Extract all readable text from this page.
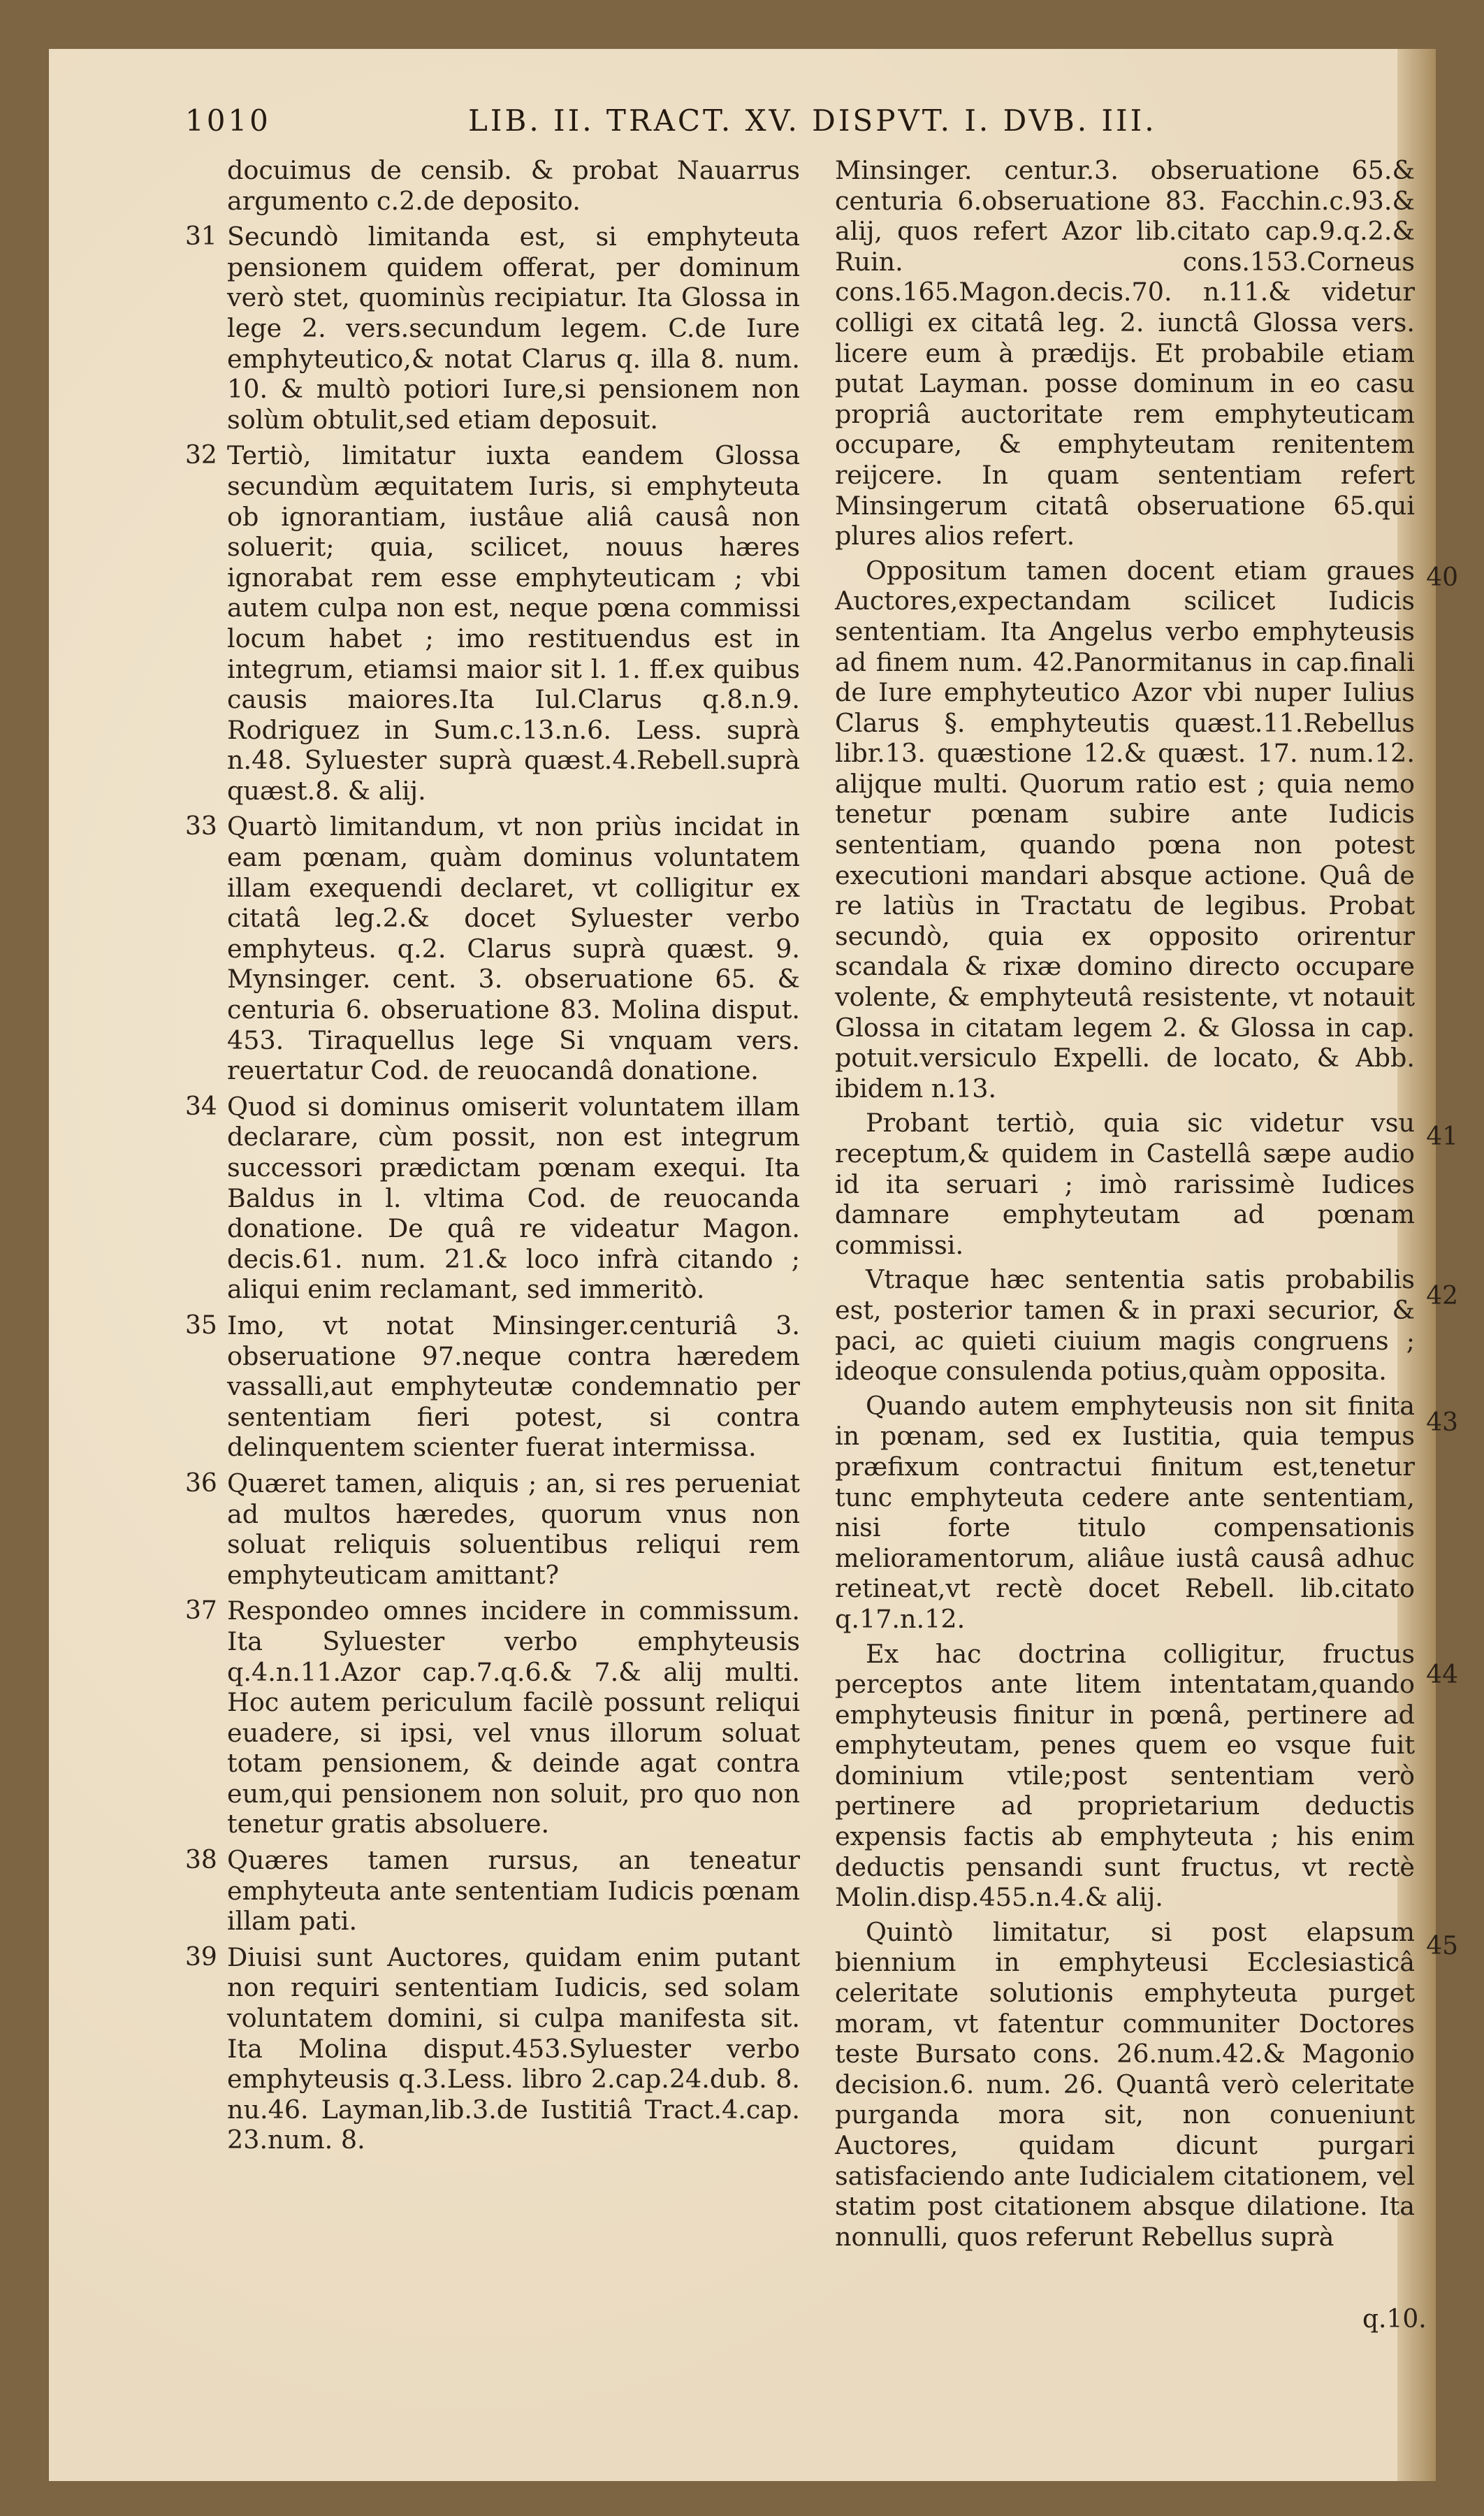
1010	LIB. II. TRACT. XV. DISPVT. I. DVB. III.

docuimus de censib. & probat Nauarrus argumento c.2.de deposito.

31 Secundò limitanda est, si emphyteuta pensionem quidem offerat, per dominum verò stet, quominùs recipiatur. Ita Glossa in lege 2. vers.secundum legem. C.de Iure emphyteutico,& notat Clarus q. illa 8. num. 10. & multò potiori Iure,si pensionem non solùm obtulit,sed etiam deposuit.

32 Tertiò, limitatur iuxta eandem Glossa secundùm æquitatem Iuris, si emphyteuta ob ignorantiam, iustâue aliâ causâ non soluerit; quia, scilicet, nouus hæres ignorabat rem esse emphyteuticam ; vbi autem culpa non est, neque pœna commissi locum habet ; imo restituendus est in integrum, etiamsi maior sit l. 1. ff.ex quibus causis maiores.Ita Iul.Clarus q.8.n.9. Rodriguez in Sum.c.13.n.6. Less. suprà n.48. Syluester suprà quæst.4.Rebell.suprà quæst.8. & alij.

33 Quartò limitandum, vt non priùs incidat in eam pœnam, quàm dominus voluntatem illam exequendi declaret, vt colligitur ex citatâ leg.2.& docet Syluester verbo emphyteus. q.2. Clarus suprà quæst. 9. Mynsinger. cent. 3. obseruatione 65. & centuria 6. obseruatione 83. Molina disput. 453. Tiraquellus lege Si vnquam vers. reuertatur Cod. de reuocandâ donatione.

34 Quod si dominus omiserit voluntatem illam declarare, cùm possit, non est integrum successori prædictam pœnam exequi. Ita Baldus in l. vltima Cod. de reuocanda donatione. De quâ re videatur Magon. decis.61. num. 21.& loco infrà citando ; aliqui enim reclamant, sed immeritò.

35 Imo, vt notat Minsinger.centuriâ 3. obseruatione 97.neque contra hæredem vassalli,aut emphyteutæ condemnatio per sententiam fieri potest, si contra delinquentem scienter fuerat intermissa.

36 Quæret tamen, aliquis ; an, si res perueniat ad multos hæredes, quorum vnus non soluat reliquis soluentibus reliqui rem emphyteuticam amittant?

37 Respondeo omnes incidere in commissum. Ita Syluester verbo emphyteusis q.4.n.11.Azor cap.7.q.6.& 7.& alij multi. Hoc autem periculum facilè possunt reliqui euadere, si ipsi, vel vnus illorum soluat totam pensionem, & deinde agat contra eum,qui pensionem non soluit, pro quo non tenetur gratis absoluere.

38 Quæres tamen rursus, an teneatur emphyteuta ante sententiam Iudicis pœnam illam pati.

39 Diuisi sunt Auctores, quidam enim putant non requiri sententiam Iudicis, sed solam voluntatem domini, si culpa manifesta sit. Ita Molina disput.453.Syluester verbo emphyteusis q.3.Less. libro 2.cap.24.dub. 8. nu.46. Layman,lib.3.de Iustitiâ Tract.4.cap. 23.num. 8.

Minsinger. centur.3. obseruatione 65.& centuria 6.obseruatione 83. Facchin.c.93.& alij, quos refert Azor lib.citato cap.9.q.2.& Ruin. cons.153.Corneus cons.165.Magon.decis.70. n.11.& videtur colligi ex citatâ leg. 2. iunctâ Glossa vers. licere eum à prædijs. Et probabile etiam putat Layman. posse dominum in eo casu propriâ auctoritate rem emphyteuticam occupare, & emphyteutam renitentem reijcere. In quam sententiam refert Minsingerum citatâ obseruatione 65.qui plures alios refert.

40
Oppositum tamen docent etiam graues Auctores,expectandam scilicet Iudicis sententiam. Ita Angelus verbo emphyteusis ad finem num. 42.Panormitanus in cap.finali de Iure emphyteutico Azor vbi nuper Iulius Clarus §. emphyteutis quæst.11.Rebellus libr.13. quæstione 12.& quæst. 17. num.12. alijque multi. Quorum ratio est ; quia nemo tenetur pœnam subire ante Iudicis sententiam, quando pœna non potest executioni mandari absque actione. Quâ de re latiùs in Tractatu de legibus. Probat secundò, quia ex opposito orirentur scandala & rixæ domino directo occupare volente, & emphyteutâ resistente, vt notauit Glossa in citatam legem 2. & Glossa in cap. potuit.versiculo Expelli. de locato, & Abb. ibidem n.13.

41
Probant tertiò, quia sic videtur vsu receptum,& quidem in Castellâ sæpe audio id ita seruari ; imò rarissimè Iudices damnare emphyteutam ad pœnam commissi.

42
Vtraque hæc sententia satis probabilis est, posterior tamen & in praxi securior, & paci, ac quieti ciuium magis congruens ; ideoque consulenda potius,quàm opposita.

43
Quando autem emphyteusis non sit finita in pœnam, sed ex Iustitia, quia tempus præfixum contractui finitum est,tenetur tunc emphyteuta cedere ante sententiam, nisi forte titulo compensationis melioramentorum, aliâue iustâ causâ adhuc retineat,vt rectè docet Rebell. lib.citato q.17.n.12.

44
Ex hac doctrina colligitur, fructus perceptos ante litem intentatam,quando emphyteusis finitur in pœnâ, pertinere ad emphyteutam, penes quem eo vsque fuit dominium vtile;post sententiam verò pertinere ad proprietarium deductis expensis factis ab emphyteuta ; his enim deductis pensandi sunt fructus, vt rectè Molin.disp.455.n.4.& alij.

45
Quintò limitatur, si post elapsum biennium in emphyteusi Ecclesiasticâ celeritate solutionis emphyteuta purget moram, vt fatentur communiter Doctores teste Bursato cons. 26.num.42.& Magonio decision.6. num. 26. Quantâ verò celeritate purganda mora sit, non conueniunt Auctores, quidam dicunt purgari satisfaciendo ante Iudicialem citationem, vel statim post citationem absque dilatione. Ita nonnulli, quos referunt Rebellus suprà

q.10.
